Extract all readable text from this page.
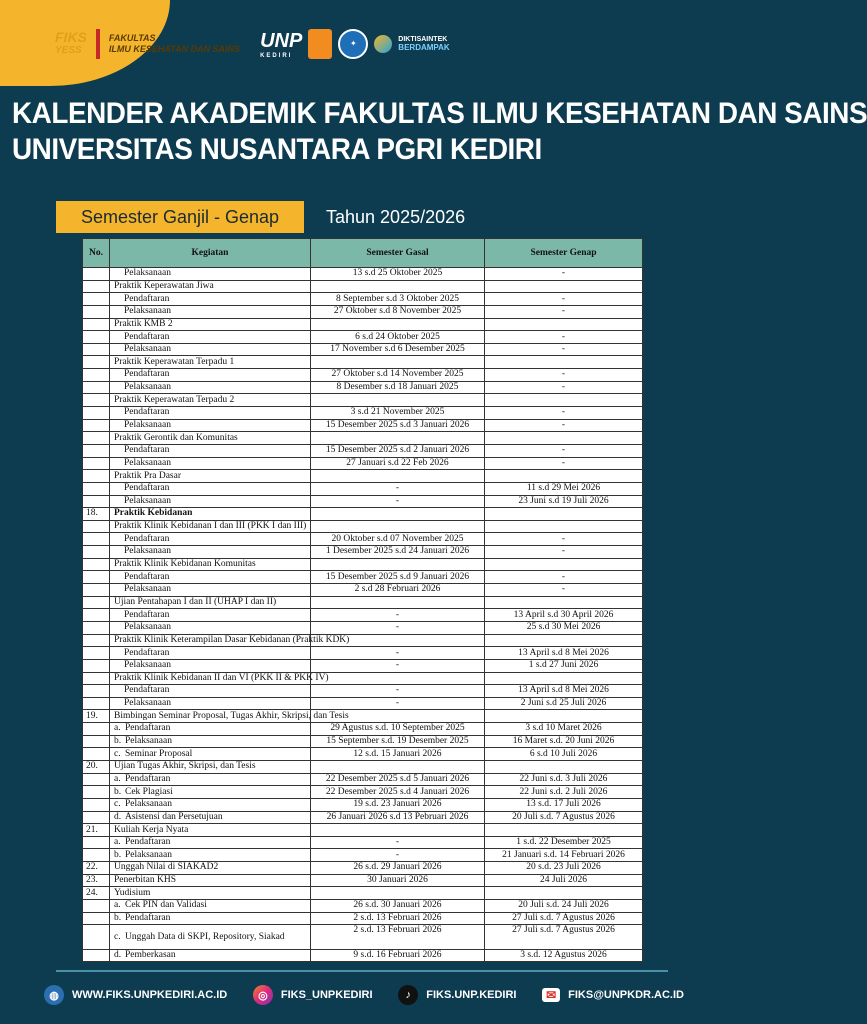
FIKS
YESS
FAKULTAS
ILMU KESEHATAN DAN SAINS UNP
KEDIRI
✦	DIKTISAINTEK
BERDAMPAK
KALENDER AKADEMIK FAKULTAS ILMU KESEHATAN DAN SAINS
UNIVERSITAS NUSANTARA PGRI KEDIRI
Semester Ganjil - Genap	Tahun 2025/2026
No.	Kegiatan	Semester Gasal	Semester Genap
	Pelaksanaan	13 s.d 25 Oktober 2025	-
	Praktik Keperawatan Jiwa		
	Pendaftaran	8 September s.d 3 Oktober 2025	-
	Pelaksanaan	27 Oktober s.d 8 November 2025	-
	Praktik KMB 2		
	Pendaftaran	6 s.d 24 Oktober 2025	-
	Pelaksanaan	17 November s.d 6 Desember 2025	-
	Praktik Keperawatan Terpadu 1		
	Pendaftaran	27 Oktober s.d 14 November 2025	-
	Pelaksanaan	8 Desember s.d 18 Januari 2025	-
	Praktik Keperawatan Terpadu 2		
	Pendaftaran	3 s.d 21 November 2025	-
	Pelaksanaan	15 Desember 2025 s.d 3 Januari 2026	-
	Praktik Gerontik dan Komunitas		
	Pendaftaran	15 Desember 2025 s.d 2 Januari 2026	-
	Pelaksanaan	27 Januari s.d 22 Feb 2026	-
	Praktik Pra Dasar		
	Pendaftaran	-	11 s.d 29 Mei 2026
	Pelaksanaan	-	23 Juni s.d 19 Juli 2026
18.	Praktik Kebidanan		
	Praktik Klinik Kebidanan I dan III (PKK I dan III)		
	Pendaftaran	20 Oktober s.d 07 November 2025	-
	Pelaksanaan	1 Desember 2025 s.d 24 Januari 2026	-
	Praktik Klinik Kebidanan Komunitas		
	Pendaftaran	15 Desember 2025 s.d 9 Januari 2026	-
	Pelaksanaan	2 s.d 28 Februari 2026	-
	Ujian Pentahapan I dan II (UHAP I dan II)		
	Pendaftaran	-	13 April s.d 30 April 2026
	Pelaksanaan	-	25 s.d 30 Mei 2026
	Praktik Klinik Keterampilan Dasar Kebidanan (Praktik KDK)		
	Pendaftaran	-	13 April s.d 8 Mei 2026
	Pelaksanaan	-	1 s.d 27 Juni 2026
	Praktik Klinik Kebidanan II dan VI (PKK II & PKK IV)		
	Pendaftaran	-	13 April s.d 8 Mei 2026
	Pelaksanaan	-	2 Juni s.d 25 Juli 2026
19.	Bimbingan Seminar Proposal, Tugas Akhir, Skripsi, dan Tesis		
	a. Pendaftaran	29 Agustus s.d. 10 September 2025	3 s.d 10 Maret 2026
	b. Pelaksanaan	15 September s.d. 19 Desember 2025	16 Maret s.d. 20 Juni 2026
	c. Seminar Proposal	12 s.d. 15 Januari 2026	6 s.d 10 Juli 2026
20.	Ujian Tugas Akhir, Skripsi, dan Tesis		
	a. Pendaftaran	22 Desember 2025 s.d 5 Januari 2026	22 Juni s.d. 3 Juli 2026
	b. Cek Plagiasi	22 Desember 2025 s.d 4 Januari 2026	22 Juni s.d. 2 Juli 2026
	c. Pelaksanaan	19 s.d. 23 Januari 2026	13 s.d. 17 Juli 2026
	d. Asistensi dan Persetujuan	26 Januari 2026 s.d 13 Pebruari 2026	20 Juli s.d. 7 Agustus 2026
21.	Kuliah Kerja Nyata		
	a. Pendaftaran	-	1 s.d. 22 Desember 2025
	b. Pelaksanaan	-	21 Januari s.d. 14 Februari 2026
22.	Unggah Nilai di SIAKAD2	26 s.d. 29 Januari 2026	20 s.d. 23 Juli 2026
23.	Penerbitan KHS	30 Januari 2026	24 Juli 2026
24.	Yudisium		
	a. Cek PIN dan Validasi	26 s.d. 30 Januari 2026	20 Juli s.d. 24 Juli 2026
	b. Pendaftaran	2 s.d. 13 Februari 2026	27 Juli s.d. 7 Agustus 2026
	c. Unggah Data di SKPI, Repository, Siakad	2 s.d. 13 Februari 2026	27 Juli s.d. 7 Agustus 2026
	d. Pemberkasan	9 s.d. 16 Februari 2026	3 s.d. 12 Agustus 2026
◍	WWW.FIKS.UNPKEDIRI.AC.ID	◎	FIKS_UNPKEDIRI	♪	FIKS.UNP.KEDIRI	✉	FIKS@UNPKDR.AC.ID
